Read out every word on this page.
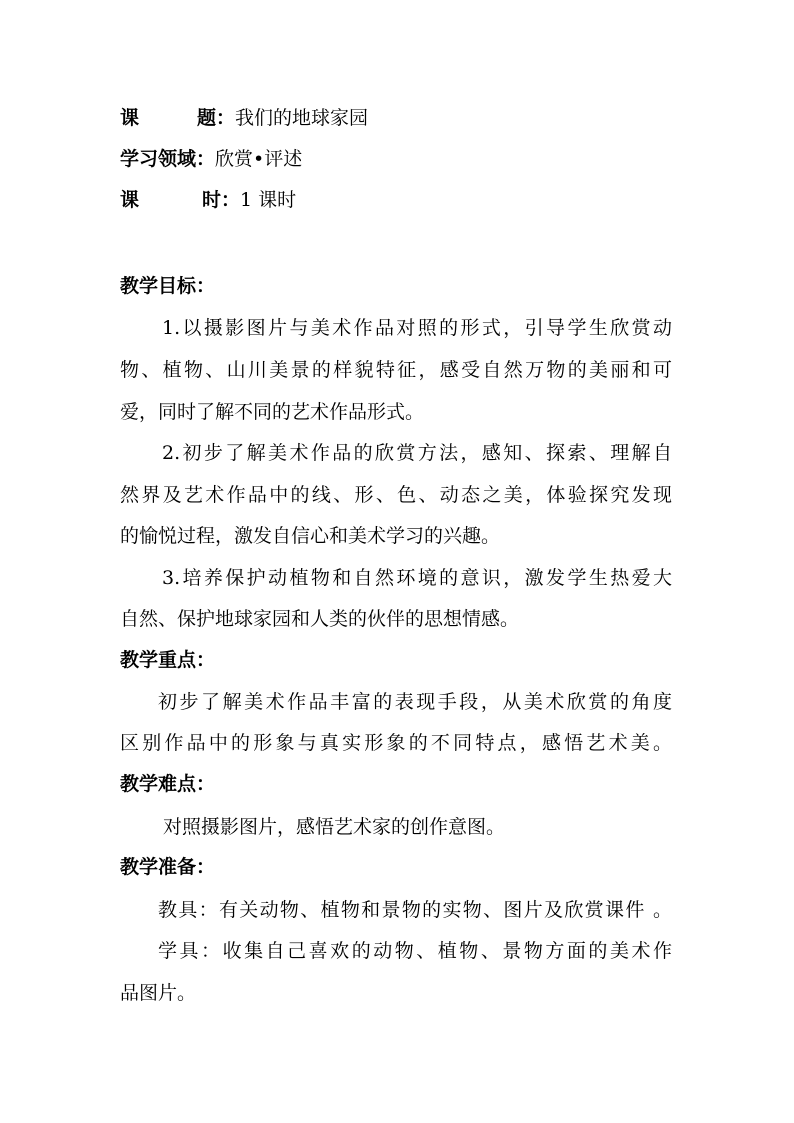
课	题：我们的地球家园
学习领域：欣赏•评述
课	时：1 课时
教学目标：
1.以摄影图片与美术作品对照的形式，引导学生欣赏动
物、植物、山川美景的样貌特征，感受自然万物的美丽和可
爱，同时了解不同的艺术作品形式。
2.初步了解美术作品的欣赏方法，感知、探索、理解自
然界及艺术作品中的线、形、色、动态之美，体验探究发现
的愉悦过程，激发自信心和美术学习的兴趣。
3.培养保护动植物和自然环境的意识，激发学生热爱大
自然、保护地球家园和人类的伙伴的思想情感。
教学重点：
初步了解美术作品丰富的表现手段，从美术欣赏的角度
区别作品中的形象与真实形象的不同特点，感悟艺术美。
教学难点：
对照摄影图片，感悟艺术家的创作意图。
教学准备：
教具：有关动物、植物和景物的实物、图片及欣赏课件 。
学具：收集自己喜欢的动物、植物、景物方面的美术作
品图片。
